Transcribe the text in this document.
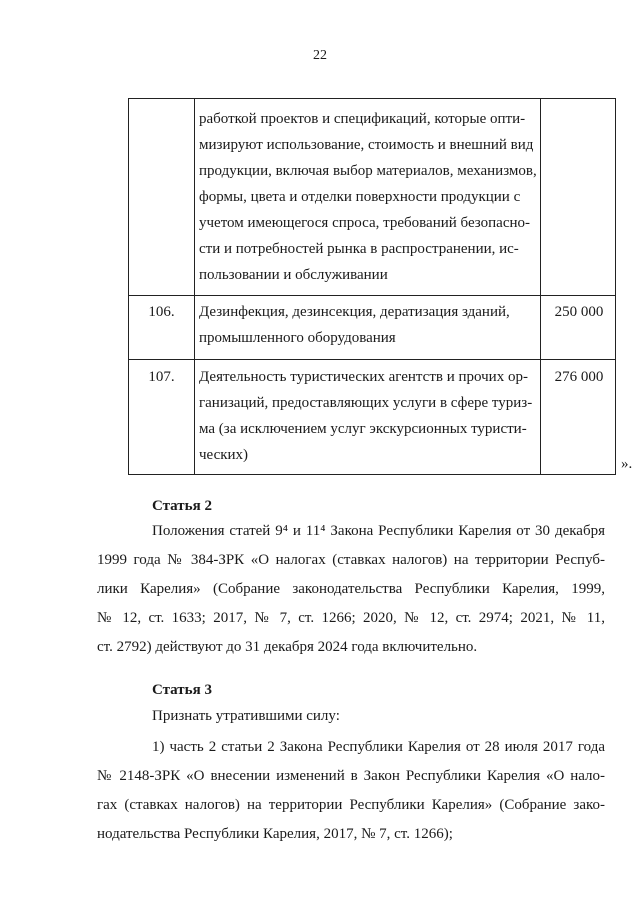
22
работкой проектов и спецификаций, которые опти-
мизируют использование, стоимость и внешний вид
продукции, включая выбор материалов, механизмов,
формы, цвета и отделки поверхности продукции с
учетом имеющегося спроса, требований безопасно-
сти и потребностей рынка в распространении, ис-
пользовании и обслуживании
106.	Дезинфекция, дезинсекция, дератизация зданий,
промышленного оборудования
250 000
107.	Деятельность туристических агентств и прочих ор-
ганизаций, предоставляющих услуги в сфере туриз-
ма (за исключением услуг экскурсионных туристи-
ческих)
276 000
».
Статья 2
Положения статей 9⁴ и 11⁴ Закона Республики Карелия от 30 декабря
1999 года № 384-ЗРК «О налогах (ставках налогов) на территории Респуб-
лики Карелия» (Собрание законодательства Республики Карелия, 1999,
№ 12, ст. 1633; 2017, № 7, ст. 1266; 2020, № 12, ст. 2974; 2021, № 11,
ст. 2792) действуют до 31 декабря 2024 года включительно.
Статья 3
Признать утратившими силу:
1) часть 2 статьи 2 Закона Республики Карелия от 28 июля 2017 года
№ 2148-ЗРК «О внесении изменений в Закон Республики Карелия «О нало-
гах (ставках налогов) на территории Республики Карелия» (Собрание зако-
нодательства Республики Карелия, 2017, № 7, ст. 1266);
